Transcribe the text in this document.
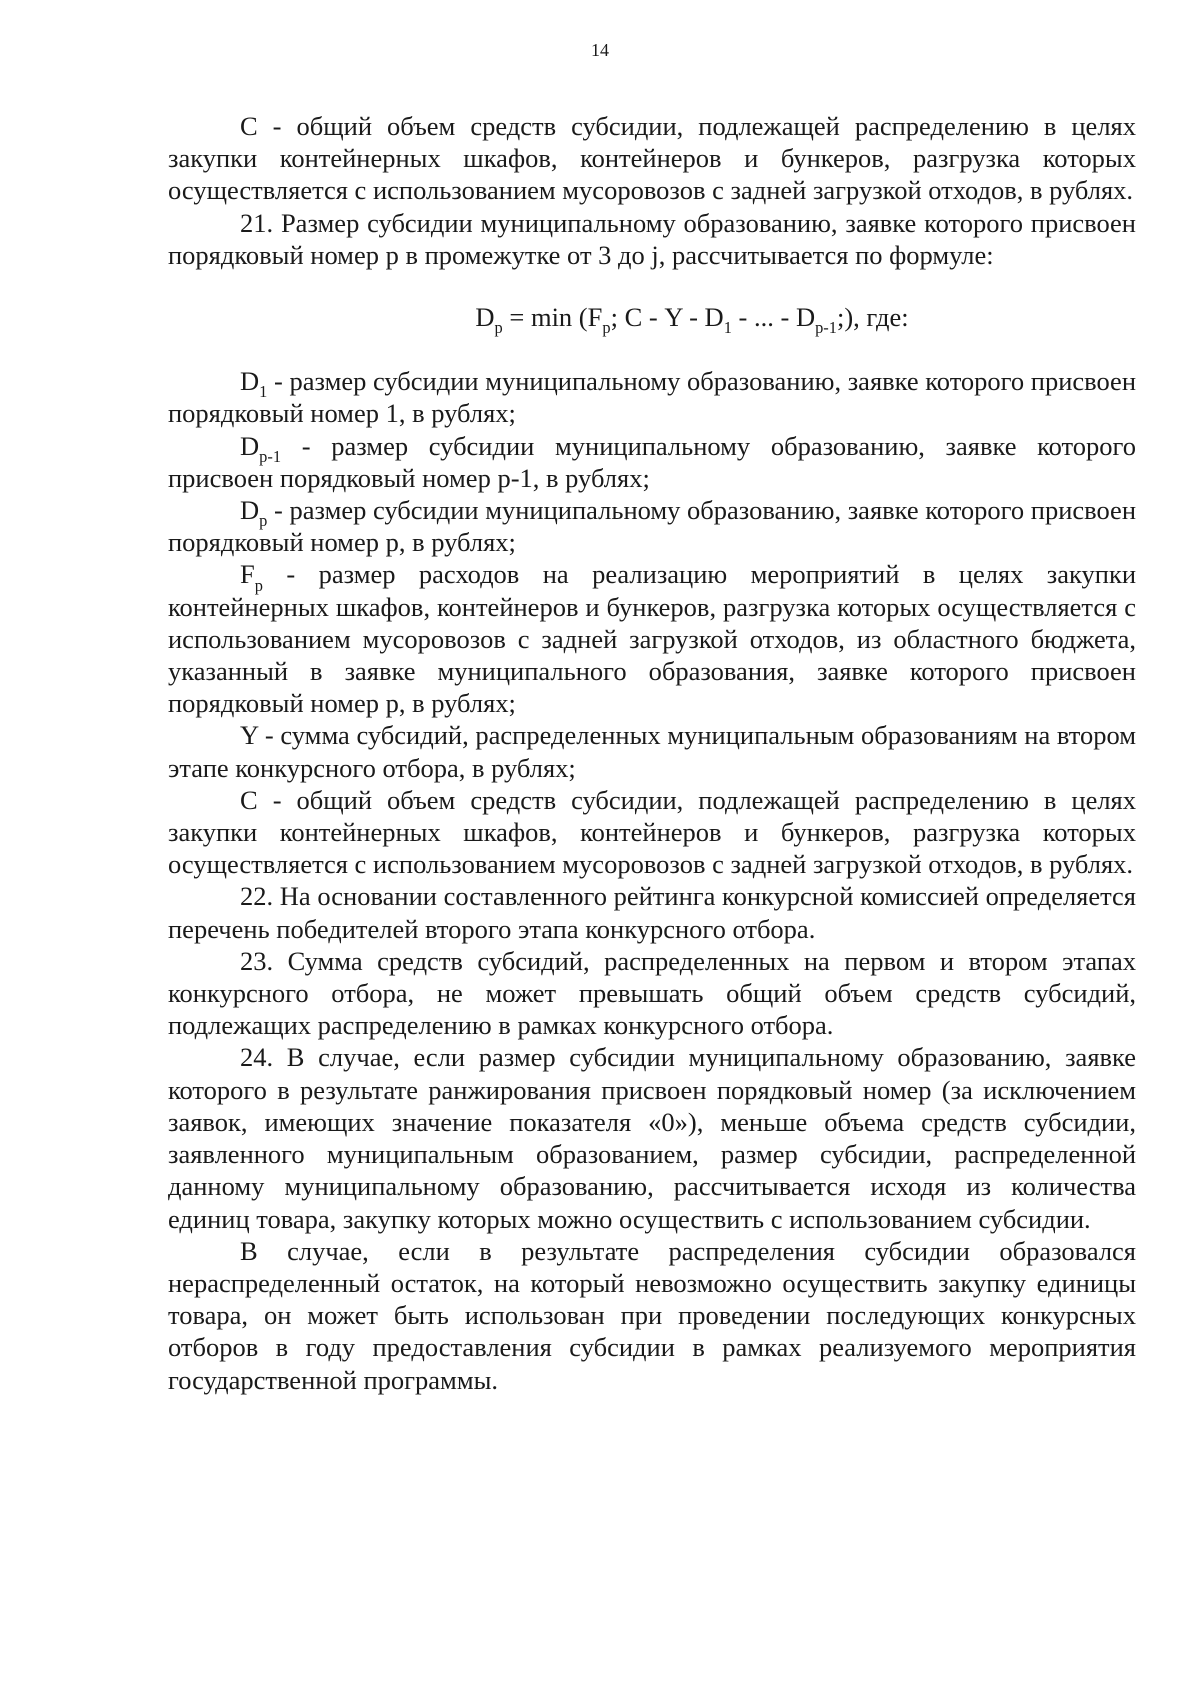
14

С - общий объем средств субсидии, подлежащей распределению в целях закупки контейнерных шкафов, контейнеров и бункеров, разгрузка которых осуществляется с использованием мусоровозов с задней загрузкой отходов, в рублях.

21. Размер субсидии муниципальному образованию, заявке которого присвоен порядковый номер p в промежутке от 3 до j, рассчитывается по формуле:

$D_p = \min (F_p$; С - Y - $D_1$ - ... - $D_{p-1}$;), где:

$D_1$ - размер субсидии муниципальному образованию, заявке которого присвоен порядковый номер 1, в рублях;

$D_{p-1}$ - размер субсидии муниципальному образованию, заявке которого присвоен порядковый номер p-1, в рублях;

$D_p$ - размер субсидии муниципальному образованию, заявке которого присвоен порядковый номер p, в рублях;

$F_p$ - размер расходов на реализацию мероприятий в целях закупки контейнерных шкафов, контейнеров и бункеров, разгрузка которых осуществляется с использованием мусоровозов с задней загрузкой отходов, из областного бюджета, указанный в заявке муниципального образования, заявке которого присвоен порядковый номер p, в рублях;

Y - сумма субсидий, распределенных муниципальным образованиям на втором этапе конкурсного отбора, в рублях;

С - общий объем средств субсидии, подлежащей распределению в целях закупки контейнерных шкафов, контейнеров и бункеров, разгрузка которых осуществляется с использованием мусоровозов с задней загрузкой отходов, в рублях.

22. На основании составленного рейтинга конкурсной комиссией определяется перечень победителей второго этапа конкурсного отбора.

23. Сумма средств субсидий, распределенных на первом и втором этапах конкурсного отбора, не может превышать общий объем средств субсидий, подлежащих распределению в рамках конкурсного отбора.

24. В случае, если размер субсидии муниципальному образованию, заявке которого в результате ранжирования присвоен порядковый номер (за исключением заявок, имеющих значение показателя «0»), меньше объема средств субсидии, заявленного муниципальным образованием, размер субсидии, распределенной данному муниципальному образованию, рассчитывается исходя из количества единиц товара, закупку которых можно осуществить с использованием субсидии.

В случае, если в результате распределения субсидии образовался нераспределенный остаток, на который невозможно осуществить закупку единицы товара, он может быть использован при проведении последующих конкурсных отборов в году предоставления субсидии в рамках реализуемого мероприятия государственной программы.
